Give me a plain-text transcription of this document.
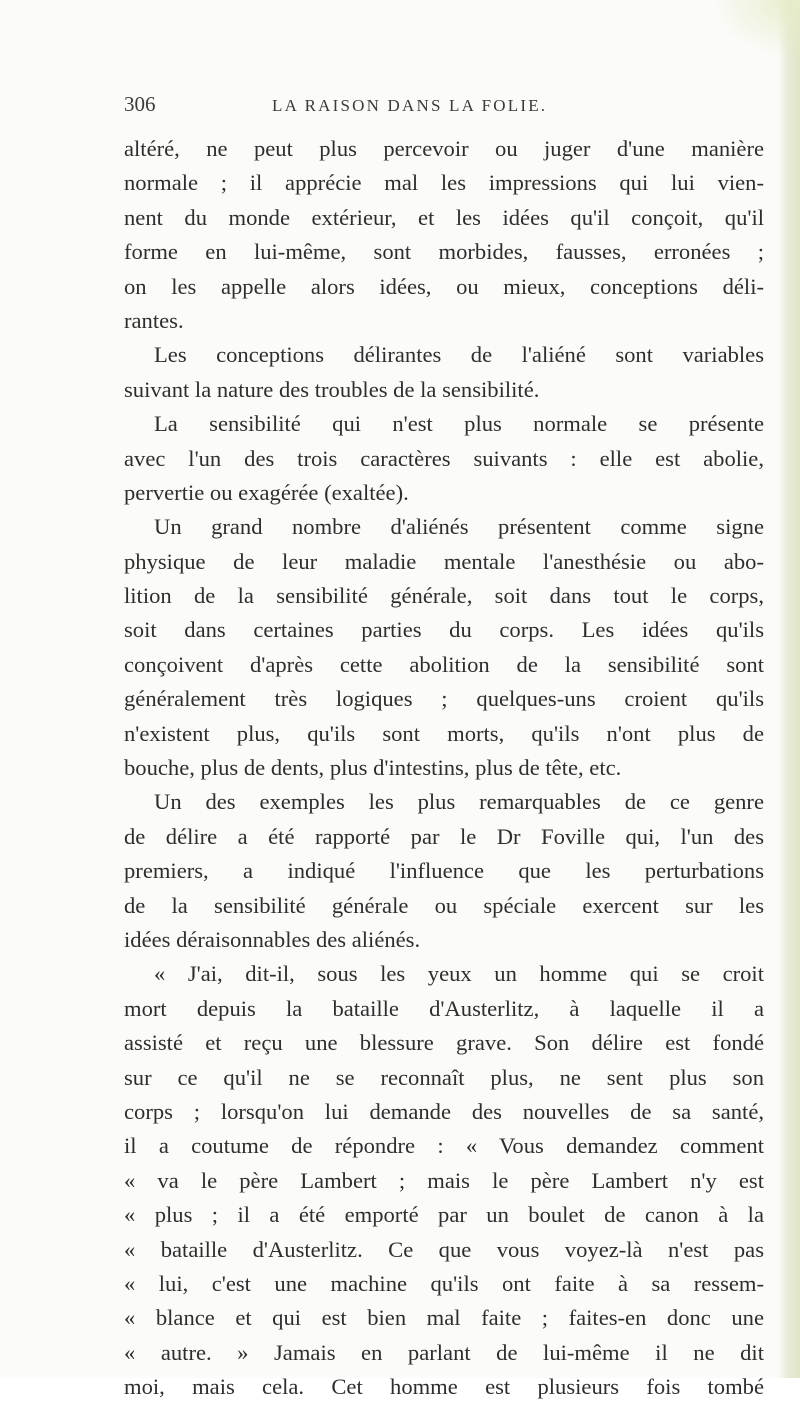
306	LA RAISON DANS LA FOLIE.
altéré, ne peut plus percevoir ou juger d'une manière
normale ; il apprécie mal les impressions qui lui vien-
nent du monde extérieur, et les idées qu'il conçoit, qu'il
forme en lui-même, sont morbides, fausses, erronées ;
on les appelle alors idées, ou mieux, conceptions déli-
rantes.
Les conceptions délirantes de l'aliéné sont variables
suivant la nature des troubles de la sensibilité.
La sensibilité qui n'est plus normale se présente
avec l'un des trois caractères suivants : elle est abolie,
pervertie ou exagérée (exaltée).
Un grand nombre d'aliénés présentent comme signe
physique de leur maladie mentale l'anesthésie ou abo-
lition de la sensibilité générale, soit dans tout le corps,
soit dans certaines parties du corps. Les idées qu'ils
conçoivent d'après cette abolition de la sensibilité sont
généralement très logiques ; quelques-uns croient qu'ils
n'existent plus, qu'ils sont morts, qu'ils n'ont plus de
bouche, plus de dents, plus d'intestins, plus de tête, etc.
Un des exemples les plus remarquables de ce genre
de délire a été rapporté par le Dr Foville qui, l'un des
premiers, a indiqué l'influence que les perturbations
de la sensibilité générale ou spéciale exercent sur les
idées déraisonnables des aliénés.
« J'ai, dit-il, sous les yeux un homme qui se croit
mort depuis la bataille d'Austerlitz, à laquelle il a
assisté et reçu une blessure grave. Son délire est fondé
sur ce qu'il ne se reconnaît plus, ne sent plus son
corps ; lorsqu'on lui demande des nouvelles de sa santé,
il a coutume de répondre : « Vous demandez comment
« va le père Lambert ; mais le père Lambert n'y est
« plus ; il a été emporté par un boulet de canon à la
« bataille d'Austerlitz. Ce que vous voyez-là n'est pas
« lui, c'est une machine qu'ils ont faite à sa ressem-
« blance et qui est bien mal faite ; faites-en donc une
« autre. » Jamais en parlant de lui-même il ne dit
moi, mais cela. Cet homme est plusieurs fois tombé
